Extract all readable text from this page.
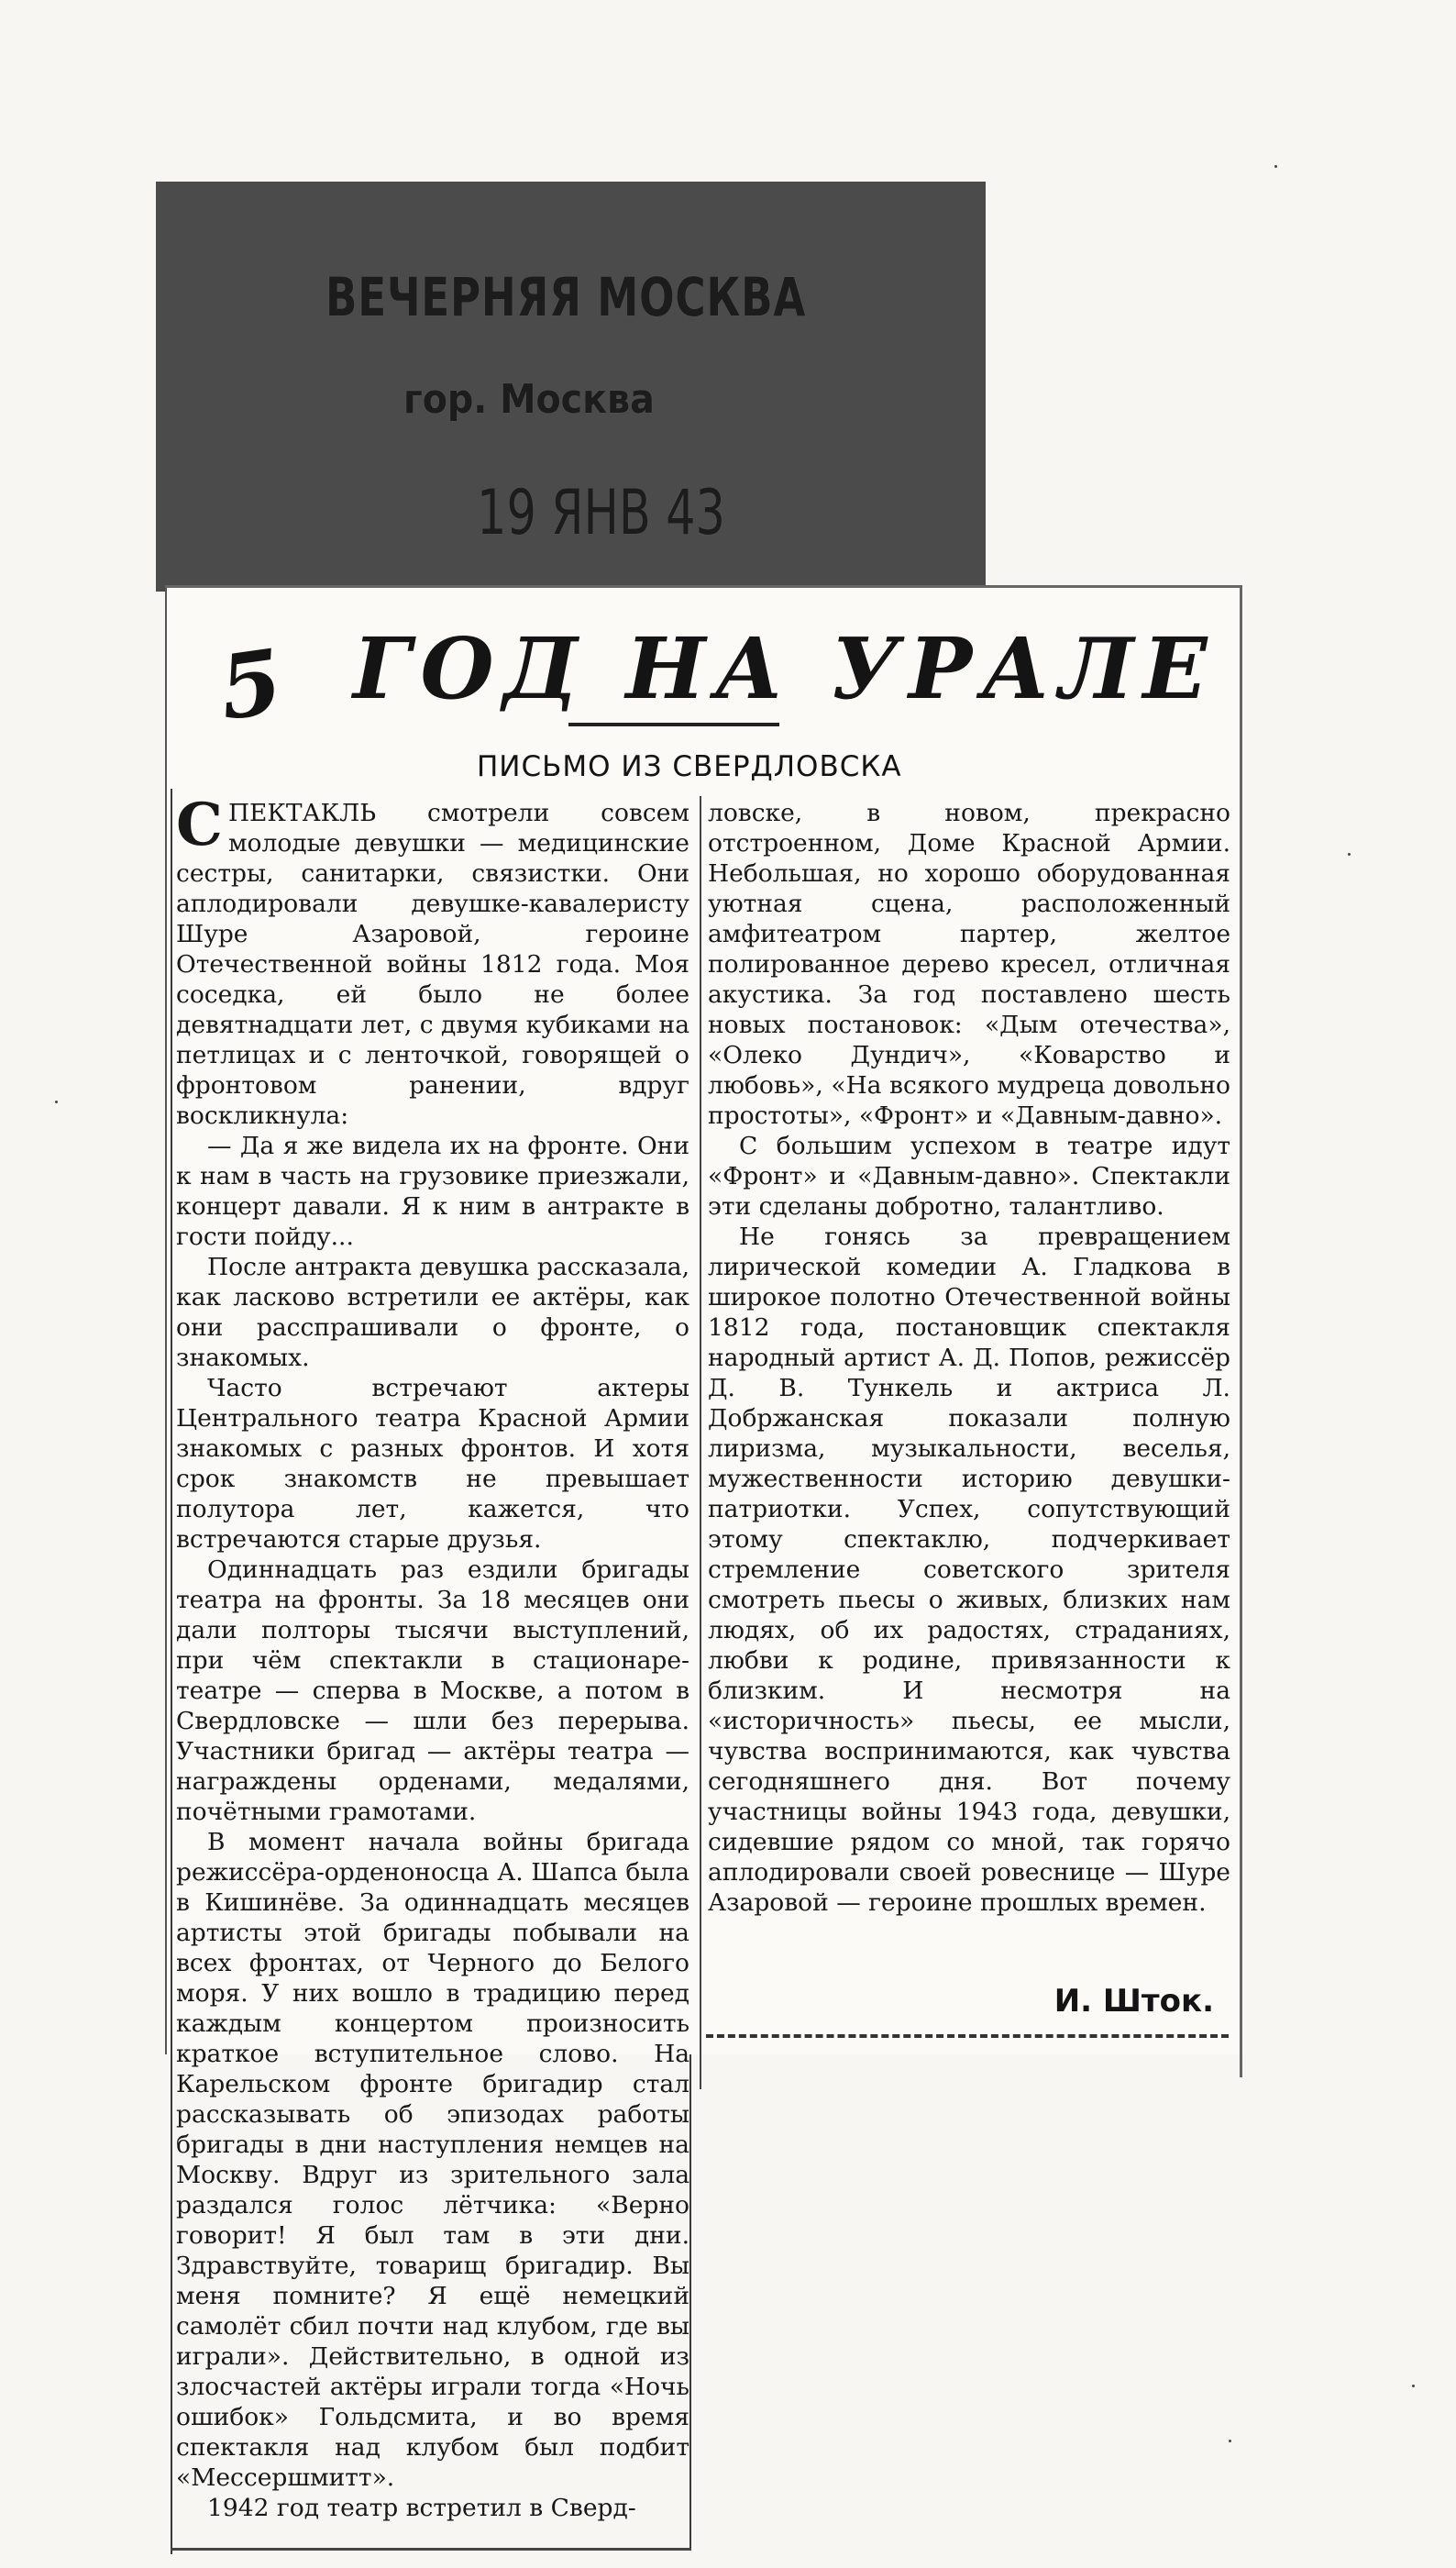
ВЕЧЕРНЯЯ МОСКВА
гор. Москва
19 ЯНВ 43
5 ГОД НА УРАЛЕ
ПИСЬМО ИЗ СВЕРДЛОВСКА

СПЕКТАКЛЬ смотрели совсем молодые девушки — медицинские сестры, санитарки, связистки. Они аплодировали девушке-кавалеристу Шуре Азаровой, героине Отечественной войны 1812 года. Моя соседка, ей было не более девятнадцати лет, с двумя кубиками на петлицах и с ленточкой, говорящей о фронтовом ранении, вдруг воскликнула:

— Да я же видела их на фронте. Они к нам в часть на грузовике приезжали, концерт давали. Я к ним в антракте в гости пойду...

После антракта девушка рассказала, как ласково встретили ее актёры, как они расспрашивали о фронте, о знакомых.

Часто встречают актеры Центрального театра Красной Армии знакомых с разных фронтов. И хотя срок знакомств не превышает полутора лет, кажется, что встречаются старые друзья.

Одиннадцать раз ездили бригады театра на фронты. За 18 месяцев они дали полторы тысячи выступлений, при чём спектакли в стационаре-театре — сперва в Москве, а потом в Свердловске — шли без перерыва. Участники бригад — актёры театра — награждены орденами, медалями, почётными грамотами.

В момент начала войны бригада режиссёра-орденоносца А. Шапса была в Кишинёве. За одиннадцать месяцев артисты этой бригады побывали на всех фронтах, от Черного до Белого моря. У них вошло в традицию перед каждым концертом произносить краткое вступительное слово. На Карельском фронте бригадир стал рассказывать об эпизодах работы бригады в дни наступления немцев на Москву. Вдруг из зрительного зала раздался голос лётчика: «Верно говорит! Я был там в эти дни. Здравствуйте, товарищ бригадир. Вы меня помните? Я ещё немецкий самолёт сбил почти над клубом, где вы играли». Действительно, в одной из злосчастей актёры играли тогда «Ночь ошибок» Гольдсмита, и во время спектакля над клубом был подбит «Мессершмитт».

1942 год театр встретил в Сверд-

ловске, в новом, прекрасно отстроенном, Доме Красной Армии. Небольшая, но хорошо оборудованная уютная сцена, расположенный амфитеатром партер, желтое полированное дерево кресел, отличная акустика. За год поставлено шесть новых постановок: «Дым отечества», «Олеко Дундич», «Коварство и любовь», «На всякого мудреца довольно простоты», «Фронт» и «Давным-давно».

С большим успехом в театре идут «Фронт» и «Давным-давно». Спектакли эти сделаны добротно, талантливо.

Не гонясь за превращением лирической комедии А. Гладкова в широкое полотно Отечественной войны 1812 года, постановщик спектакля народный артист А. Д. Попов, режиссёр Д. В. Тункель и актриса Л. Добржанская показали полную лиризма, музыкальности, веселья, мужественности историю девушки-патриотки. Успех, сопутствующий этому спектаклю, подчеркивает стремление советского зрителя смотреть пьесы о живых, близких нам людях, об их радостях, страданиях, любви к родине, привязанности к близким. И несмотря на «историчность» пьесы, ее мысли, чувства воспринимаются, как чувства сегодняшнего дня. Вот почему участницы войны 1943 года, девушки, сидевшие рядом со мной, так горячо аплодировали своей ровеснице — Шуре Азаровой — героине прошлых времен.

И. Шток.
